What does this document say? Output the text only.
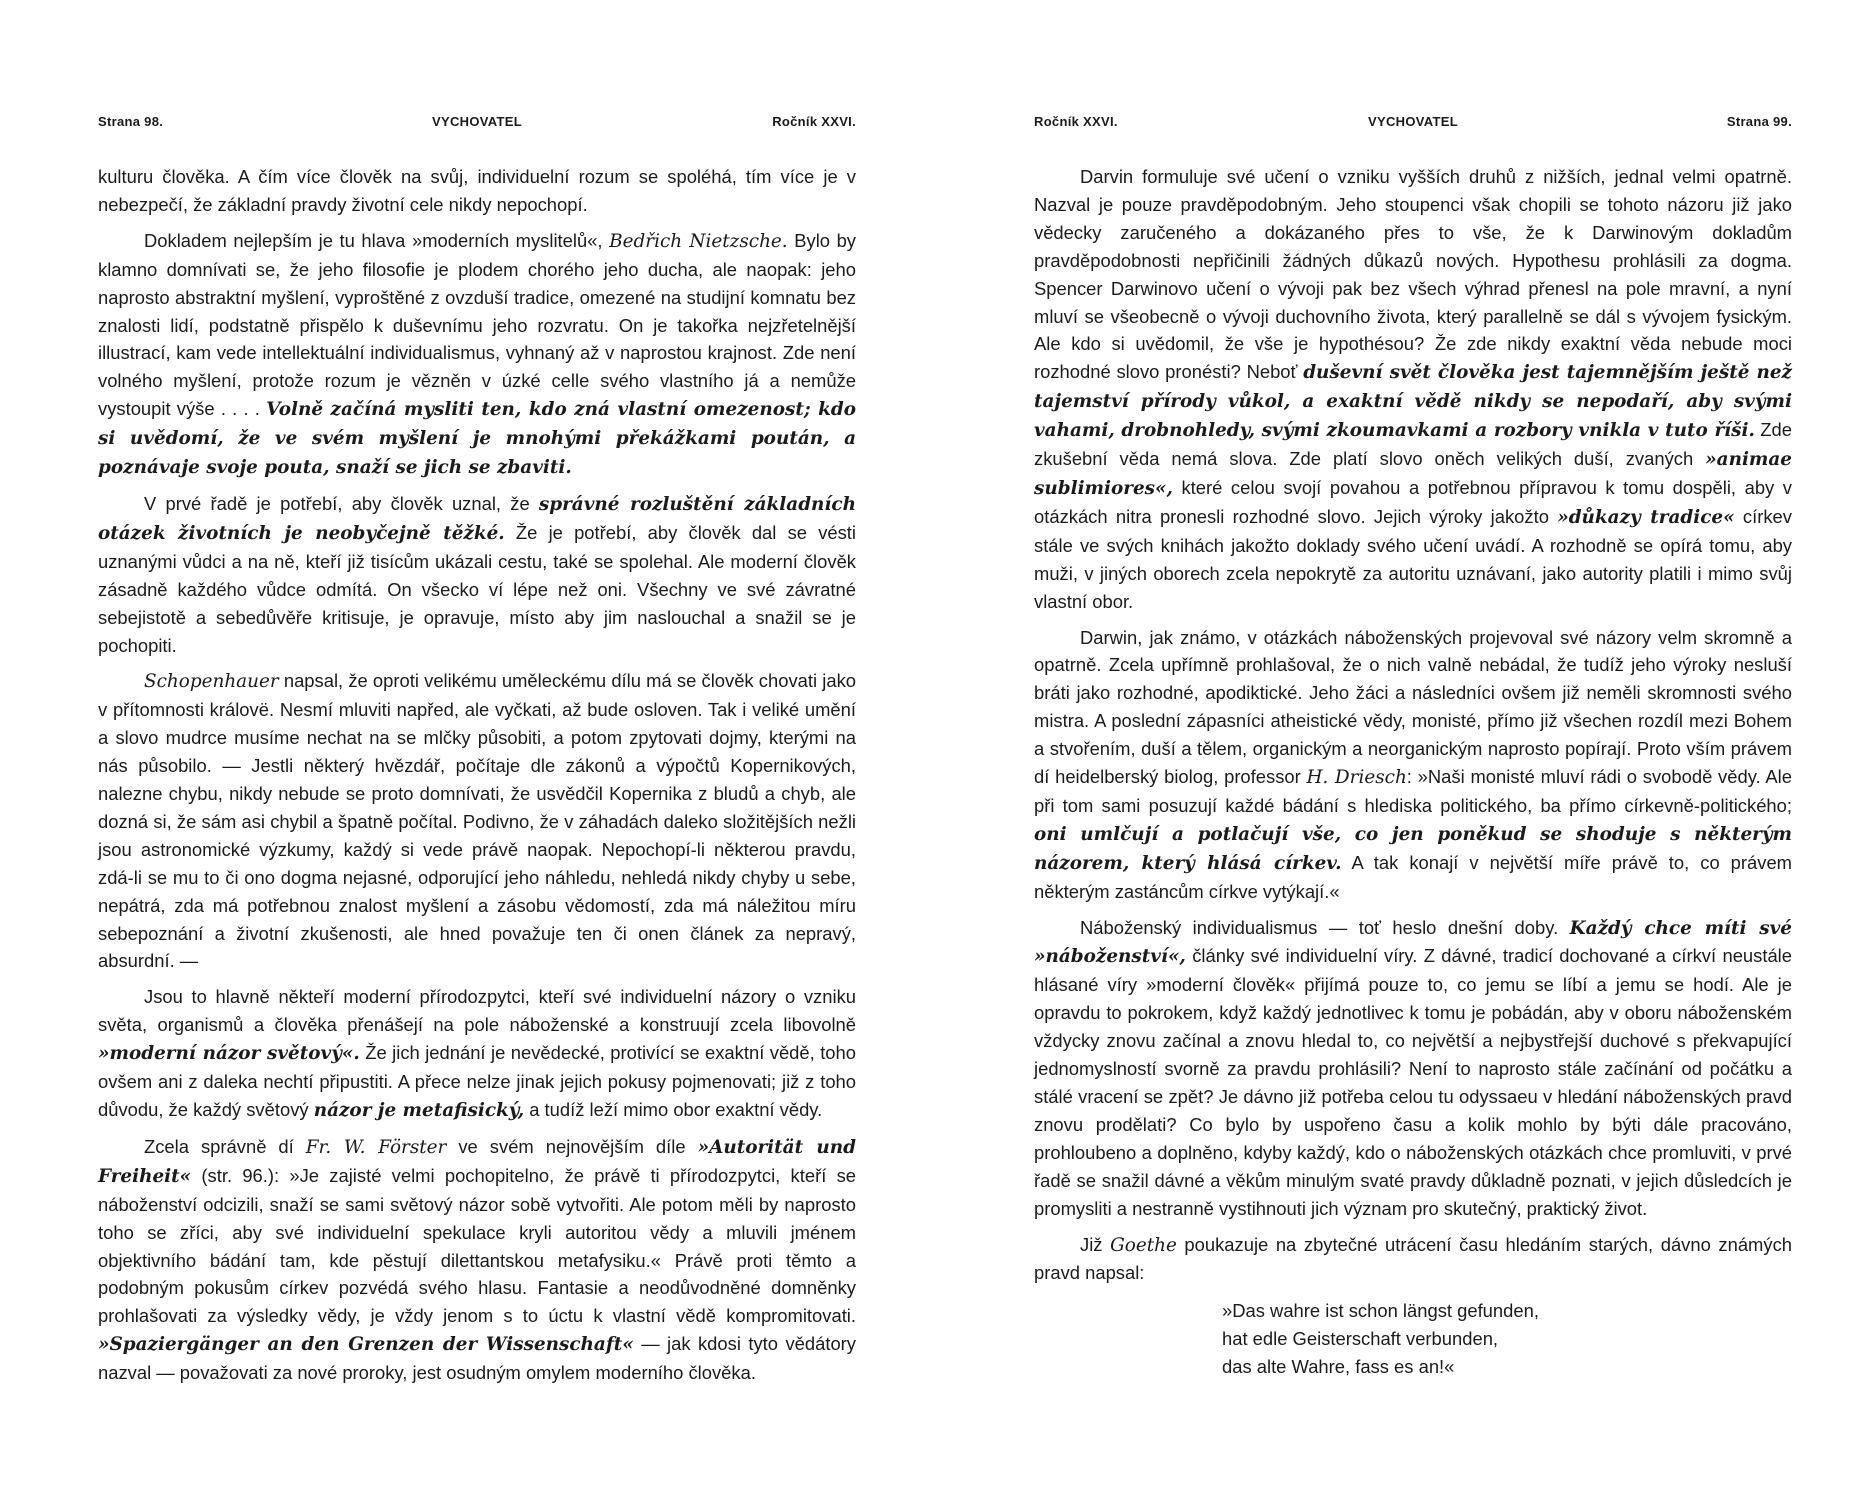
Strana 98.	VYCHOVATEL	Ročník XXVI.

kulturu člověka. A čím více člověk na svůj, individuelní rozum se spoléhá, tím více je v nebezpečí, že základní pravdy životní cele nikdy nepochopí.

Dokladem nejlepším je tu hlava »moderních myslitelů«, Bedřich Nietzsche. Bylo by klamno domnívati se, že jeho filosofie je plodem chorého jeho ducha, ale naopak: jeho naprosto abstraktní myšlení, vyproštěné z ovzduší tradice, omezené na studijní komnatu bez znalosti lidí, podstatně přispělo k duševnímu jeho rozvratu. On je takořka nejzřetelnější illustrací, kam vede intellektuální individualismus, vyhnaný až v naprostou krajnost. Zde není volného myšlení, protože rozum je vězněn v úzké celle svého vlastního já a nemůže vystoupit výše . . . . Volně začíná mysliti ten, kdo zná vlastní omezenost; kdo si uvědomí, že ve svém myšlení je mnohými překážkami poután, a poznávaje svoje pouta, snaží se jich se zbaviti.

V prvé řadě je potřebí, aby člověk uznal, že správné rozluštění základních otázek životních je neobyčejně těžké. Že je potřebí, aby člověk dal se vésti uznanými vůdci a na ně, kteří již tisícům ukázali cestu, také se spolehal. Ale moderní člověk zásadně každého vůdce odmítá. On všecko ví lépe než oni. Všechny ve své závratné sebejistotě a sebedůvěře kritisuje, je opravuje, místo aby jim naslouchal a snažil se je pochopiti.

Schopenhauer napsal, že oproti velikému uměleckému dílu má se člověk chovati jako v přítomnosti královë. Nesmí mluviti napřed, ale vyčkati, až bude osloven. Tak i veliké umění a slovo mudrce musíme nechat na se mlčky působiti, a potom zpytovati dojmy, kterými na nás působilo. — Jestli některý hvězdář, počítaje dle zákonů a výpočtů Kopernikových, nalezne chybu, nikdy nebude se proto domnívati, že usvědčil Kopernika z bludů a chyb, ale dozná si, že sám asi chybil a špatně počítal. Podivno, že v záhadách daleko složitějších nežli jsou astronomické výzkumy, každý si vede právě naopak. Nepochopí-li některou pravdu, zdá-li se mu to či ono dogma nejasné, odporující jeho náhledu, nehledá nikdy chyby u sebe, nepátrá, zda má potřebnou znalost myšlení a zásobu vědomostí, zda má náležitou míru sebepoznání a životní zkušenosti, ale hned považuje ten či onen článek za nepravý, absurdní. —

Jsou to hlavně někteří moderní přírodozpytci, kteří své individuelní názory o vzniku světa, organismů a člověka přenášejí na pole náboženské a konstruují zcela libovolně »moderní názor světový«. Že jich jednání je nevědecké, protivící se exaktní vědě, toho ovšem ani z daleka nechtí připustiti. A přece nelze jinak jejich pokusy pojmenovati; již z toho důvodu, že každý světový názor je metafisický, a tudíž leží mimo obor exaktní vědy.

Zcela správně dí Fr. W. Förster ve svém nejnovějším díle »Autorität und Freiheit« (str. 96.): »Je zajisté velmi pochopitelno, že právě ti přírodozpytci, kteří se náboženství odcizili, snaží se sami světový názor sobě vytvořiti. Ale potom měli by naprosto toho se zříci, aby své individuelní spekulace kryli autoritou vědy a mluvili jménem objektivního bádání tam, kde pěstují dilettantskou metafysiku.« Právě proti těmto a podobným pokusům církev pozvédá svého hlasu. Fantasie a neodůvodněné domněnky prohlašovati za výsledky vědy, je vždy jenom s to úctu k vlastní vědě kompromitovati. »Spaziergänger an den Grenzen der Wissenschaft« — jak kdosi tyto vědátory nazval — považovati za nové proroky, jest osudným omylem moderního člověka.

Ročník XXVI.	VYCHOVATEL	Strana 99.

Darvin formuluje své učení o vzniku vyšších druhů z nižších, jednal velmi opatrně. Nazval je pouze pravděpodobným. Jeho stoupenci však chopili se tohoto názoru již jako vědecky zaručeného a dokázaného přes to vše, že k Darwinovým dokladům pravděpodobnosti nepřičinili žádných důkazů nových. Hypothesu prohlásili za dogma. Spencer Darwinovo učení o vývoji pak bez všech výhrad přenesl na pole mravní, a nyní mluví se všeobecně o vývoji duchovního života, který parallelně se dál s vývojem fysickým. Ale kdo si uvědomil, že vše je hypothésou? Že zde nikdy exaktní věda nebude moci rozhodné slovo pronésti? Neboť duševní svět člověka jest tajemnějším ještě než tajemství přírody vůkol, a exaktní vědě nikdy se nepodaří, aby svými vahami, drobnohledy, svými zkoumavkami a rozbory vnikla v tuto říši. Zde zkušební věda nemá slova. Zde platí slovo oněch velikých duší, zvaných »animae sublimiores«, které celou svojí povahou a potřebnou přípravou k tomu dospěli, aby v otázkách nitra pronesli rozhodné slovo. Jejich výroky jakožto »důkazy tradice« církev stále ve svých knihách jakožto doklady svého učení uvádí. A rozhodně se opírá tomu, aby muži, v jiných oborech zcela nepokrytě za autoritu uznávaní, jako autority platili i mimo svůj vlastní obor.

Darwin, jak známo, v otázkách náboženských projevoval své názory velm skromně a opatrně. Zcela upřímně prohlašoval, že o nich valně nebádal, že tudíž jeho výroky nesluší bráti jako rozhodné, apodiktické. Jeho žáci a následníci ovšem již neměli skromnosti svého mistra. A poslední zápasníci atheistické vědy, monisté, přímo již všechen rozdíl mezi Bohem a stvořením, duší a tělem, organickým a neorganickým naprosto popírají. Proto vším právem dí heidelberský biolog, professor H. Driesch: »Naši monisté mluví rádi o svobodě vědy. Ale při tom sami posuzují každé bádání s hlediska politického, ba přímo církevně-politického; oni umlčují a potlačují vše, co jen poněkud se shoduje s některým názorem, který hlásá církev. A tak konají v největší míře právě to, co právem některým zastáncům církve vytýkají.«

Náboženský individualismus — toť heslo dnešní doby. Každý chce míti své »náboženství«, články své individuelní víry. Z dávné, tradicí dochované a církví neustále hlásané víry »moderní člověk« přijímá pouze to, co jemu se líbí a jemu se hodí. Ale je opravdu to pokrokem, když každý jednotlivec k tomu je pobádán, aby v oboru náboženském vždycky znovu začínal a znovu hledal to, co největší a nejbystřejší duchové s překvapující jednomyslností svorně za pravdu prohlásili? Není to naprosto stále začínání od počátku a stálé vracení se zpět? Je dávno již potřeba celou tu odyssaeu v hledání náboženských pravd znovu prodělati? Co bylo by uspořeno času a kolik mohlo by býti dále pracováno, prohloubeno a doplněno, kdyby každý, kdo o náboženských otázkách chce promluviti, v prvé řadě se snažil dávné a věkům minulým svaté pravdy důkladně poznati, v jejich důsledcích je promysliti a nestranně vystihnouti jich význam pro skutečný, praktický život.

Již Goethe poukazuje na zbytečné utrácení času hledáním starých, dávno známých pravd napsal:

»Das wahre ist schon längst gefunden,
hat edle Geisterschaft verbunden,
das alte Wahre, fass es an!«
